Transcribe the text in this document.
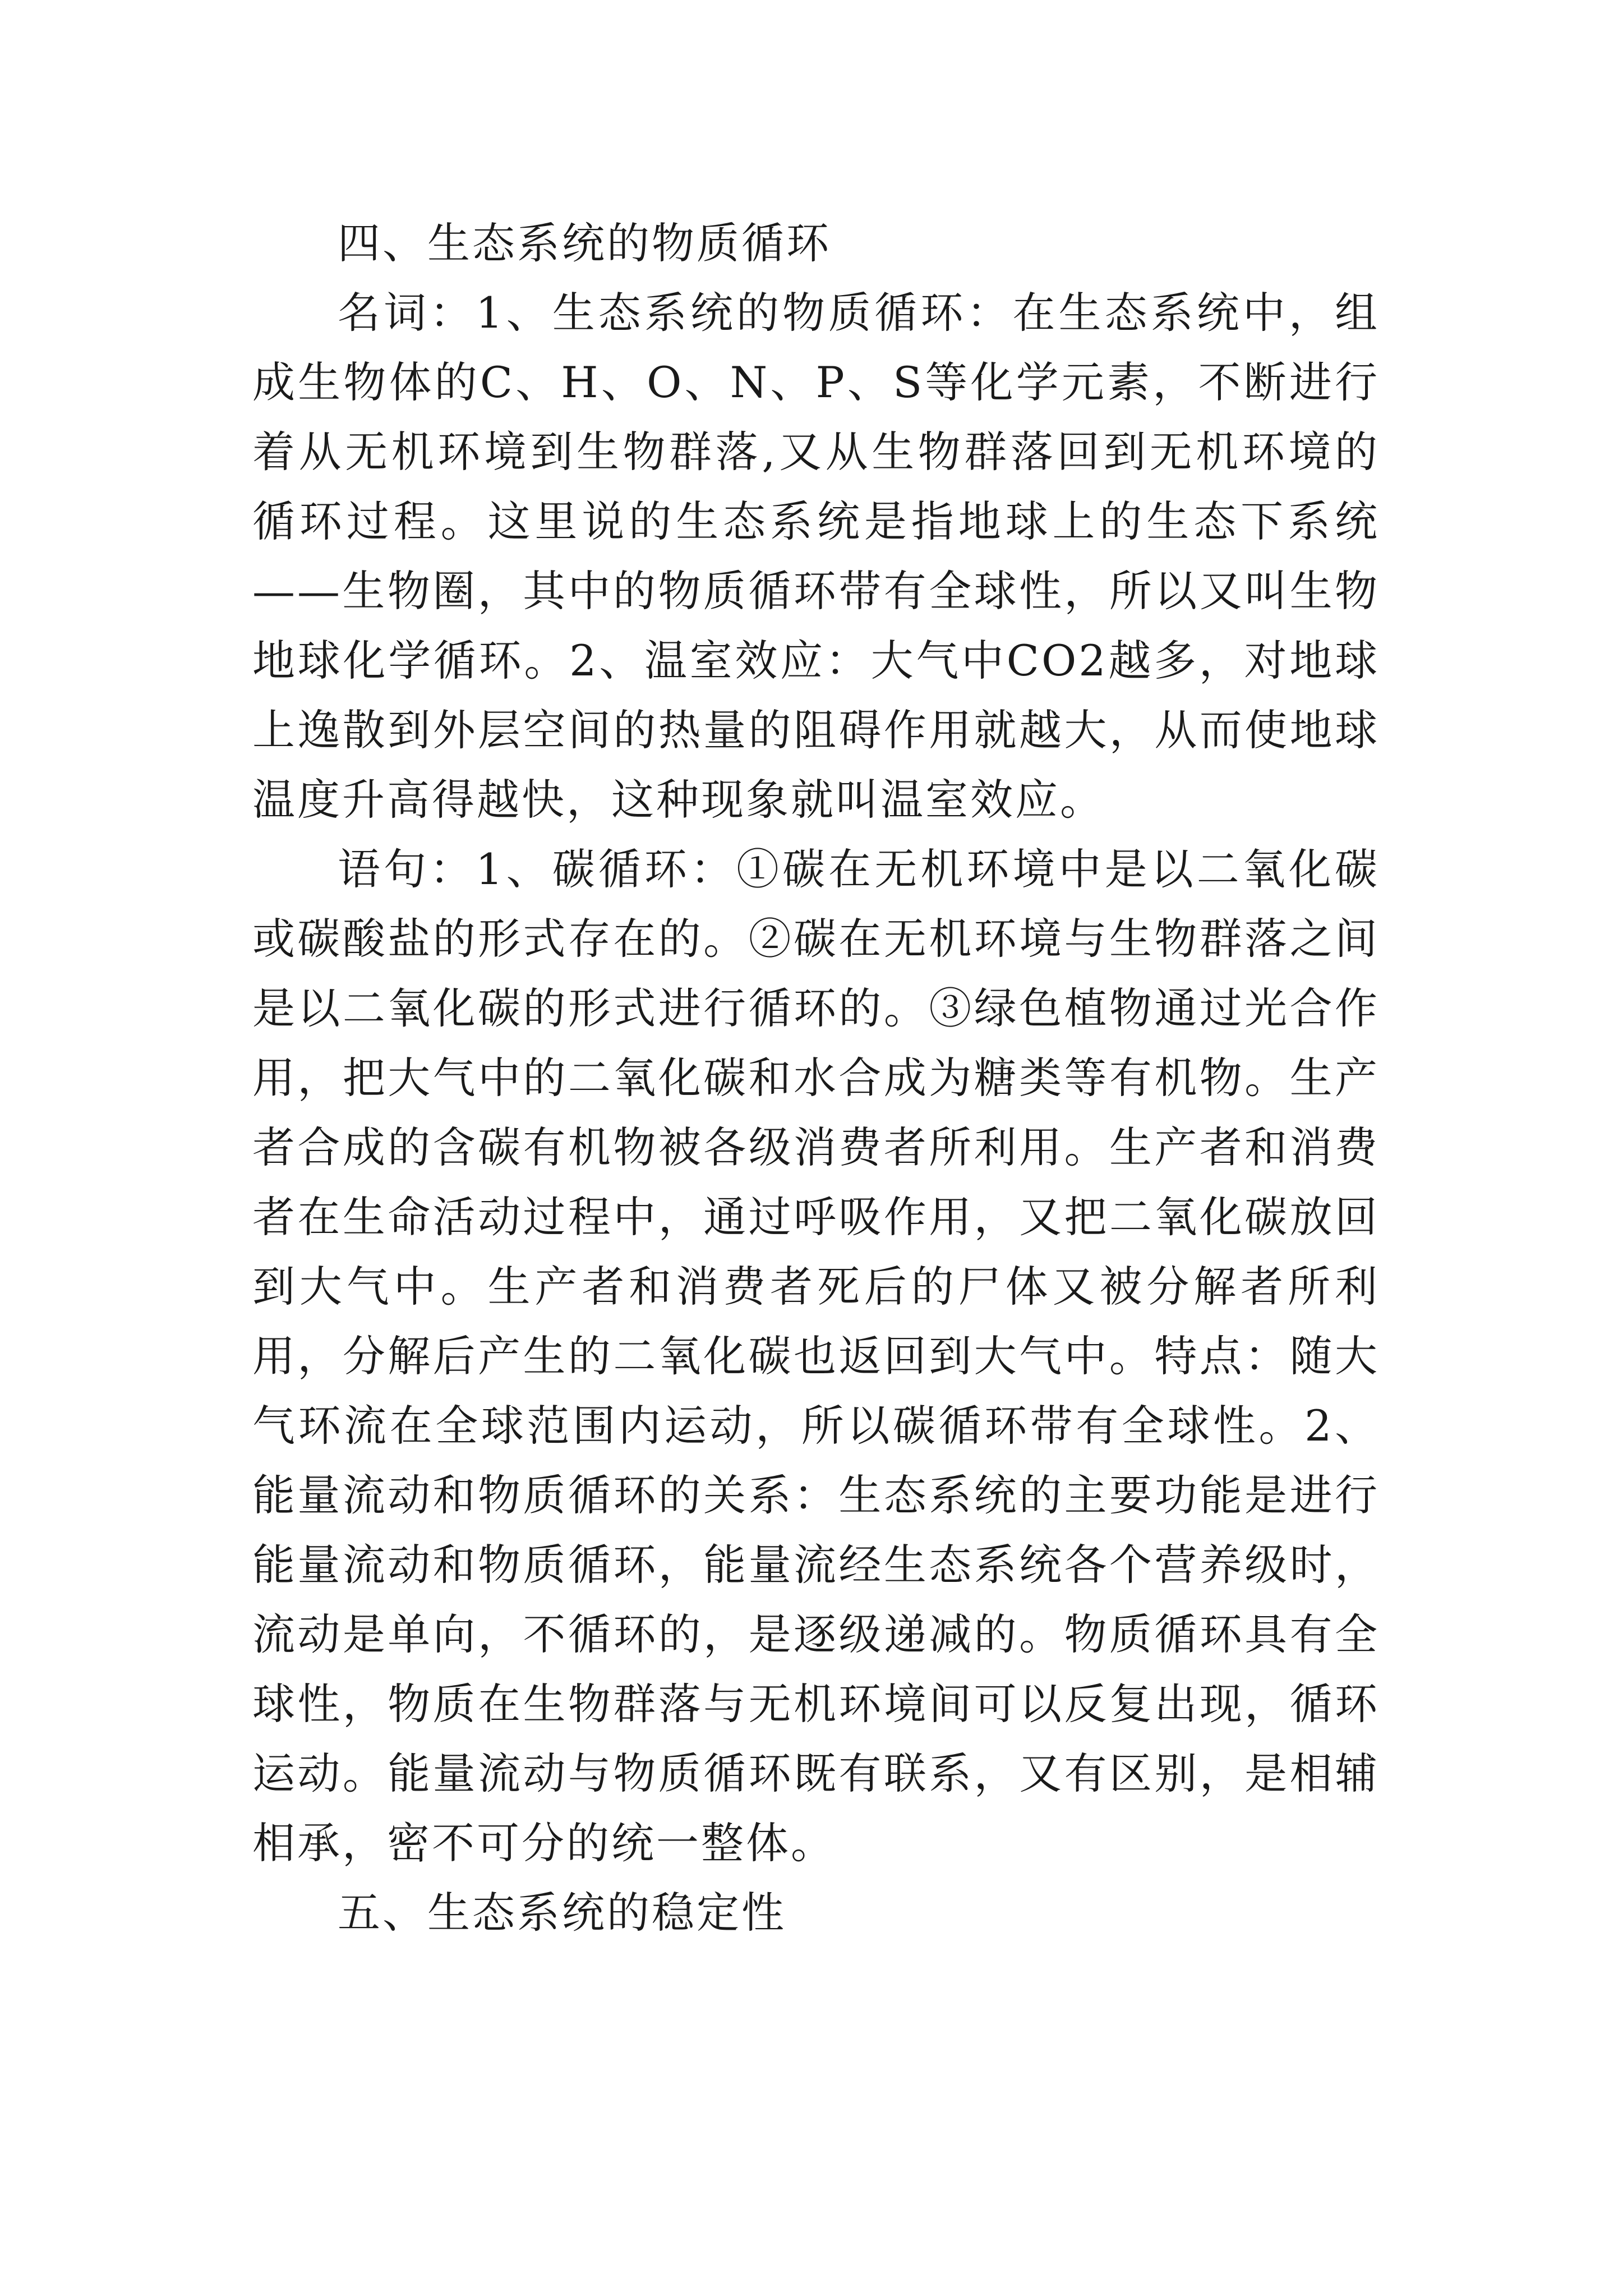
四、生态系统的物质循环

名词：1、生态系统的物质循环：在生态系统中，组成生物体的C、H、O、N、P、S等化学元素，不断进行着从无机环境到生物群落,又从生物群落回到无机环境的循环过程。这里说的生态系统是指地球上的生态下系统——生物圈，其中的物质循环带有全球性，所以又叫生物地球化学循环。2、温室效应：大气中CO2越多，对地球上逸散到外层空间的热量的阻碍作用就越大，从而使地球温度升高得越快，这种现象就叫温室效应。

语句：1、碳循环：①碳在无机环境中是以二氧化碳或碳酸盐的形式存在的。②碳在无机环境与生物群落之间是以二氧化碳的形式进行循环的。③绿色植物通过光合作用，把大气中的二氧化碳和水合成为糖类等有机物。生产者合成的含碳有机物被各级消费者所利用。生产者和消费者在生命活动过程中，通过呼吸作用，又把二氧化碳放回到大气中。生产者和消费者死后的尸体又被分解者所利用，分解后产生的二氧化碳也返回到大气中。特点：随大气环流在全球范围内运动，所以碳循环带有全球性。2、能量流动和物质循环的关系：生态系统的主要功能是进行能量流动和物质循环，能量流经生态系统各个营养级时，流动是单向，不循环的，是逐级递减的。物质循环具有全球性，物质在生物群落与无机环境间可以反复出现，循环运动。能量流动与物质循环既有联系，又有区别，是相辅相承，密不可分的统一整体。

五、生态系统的稳定性
